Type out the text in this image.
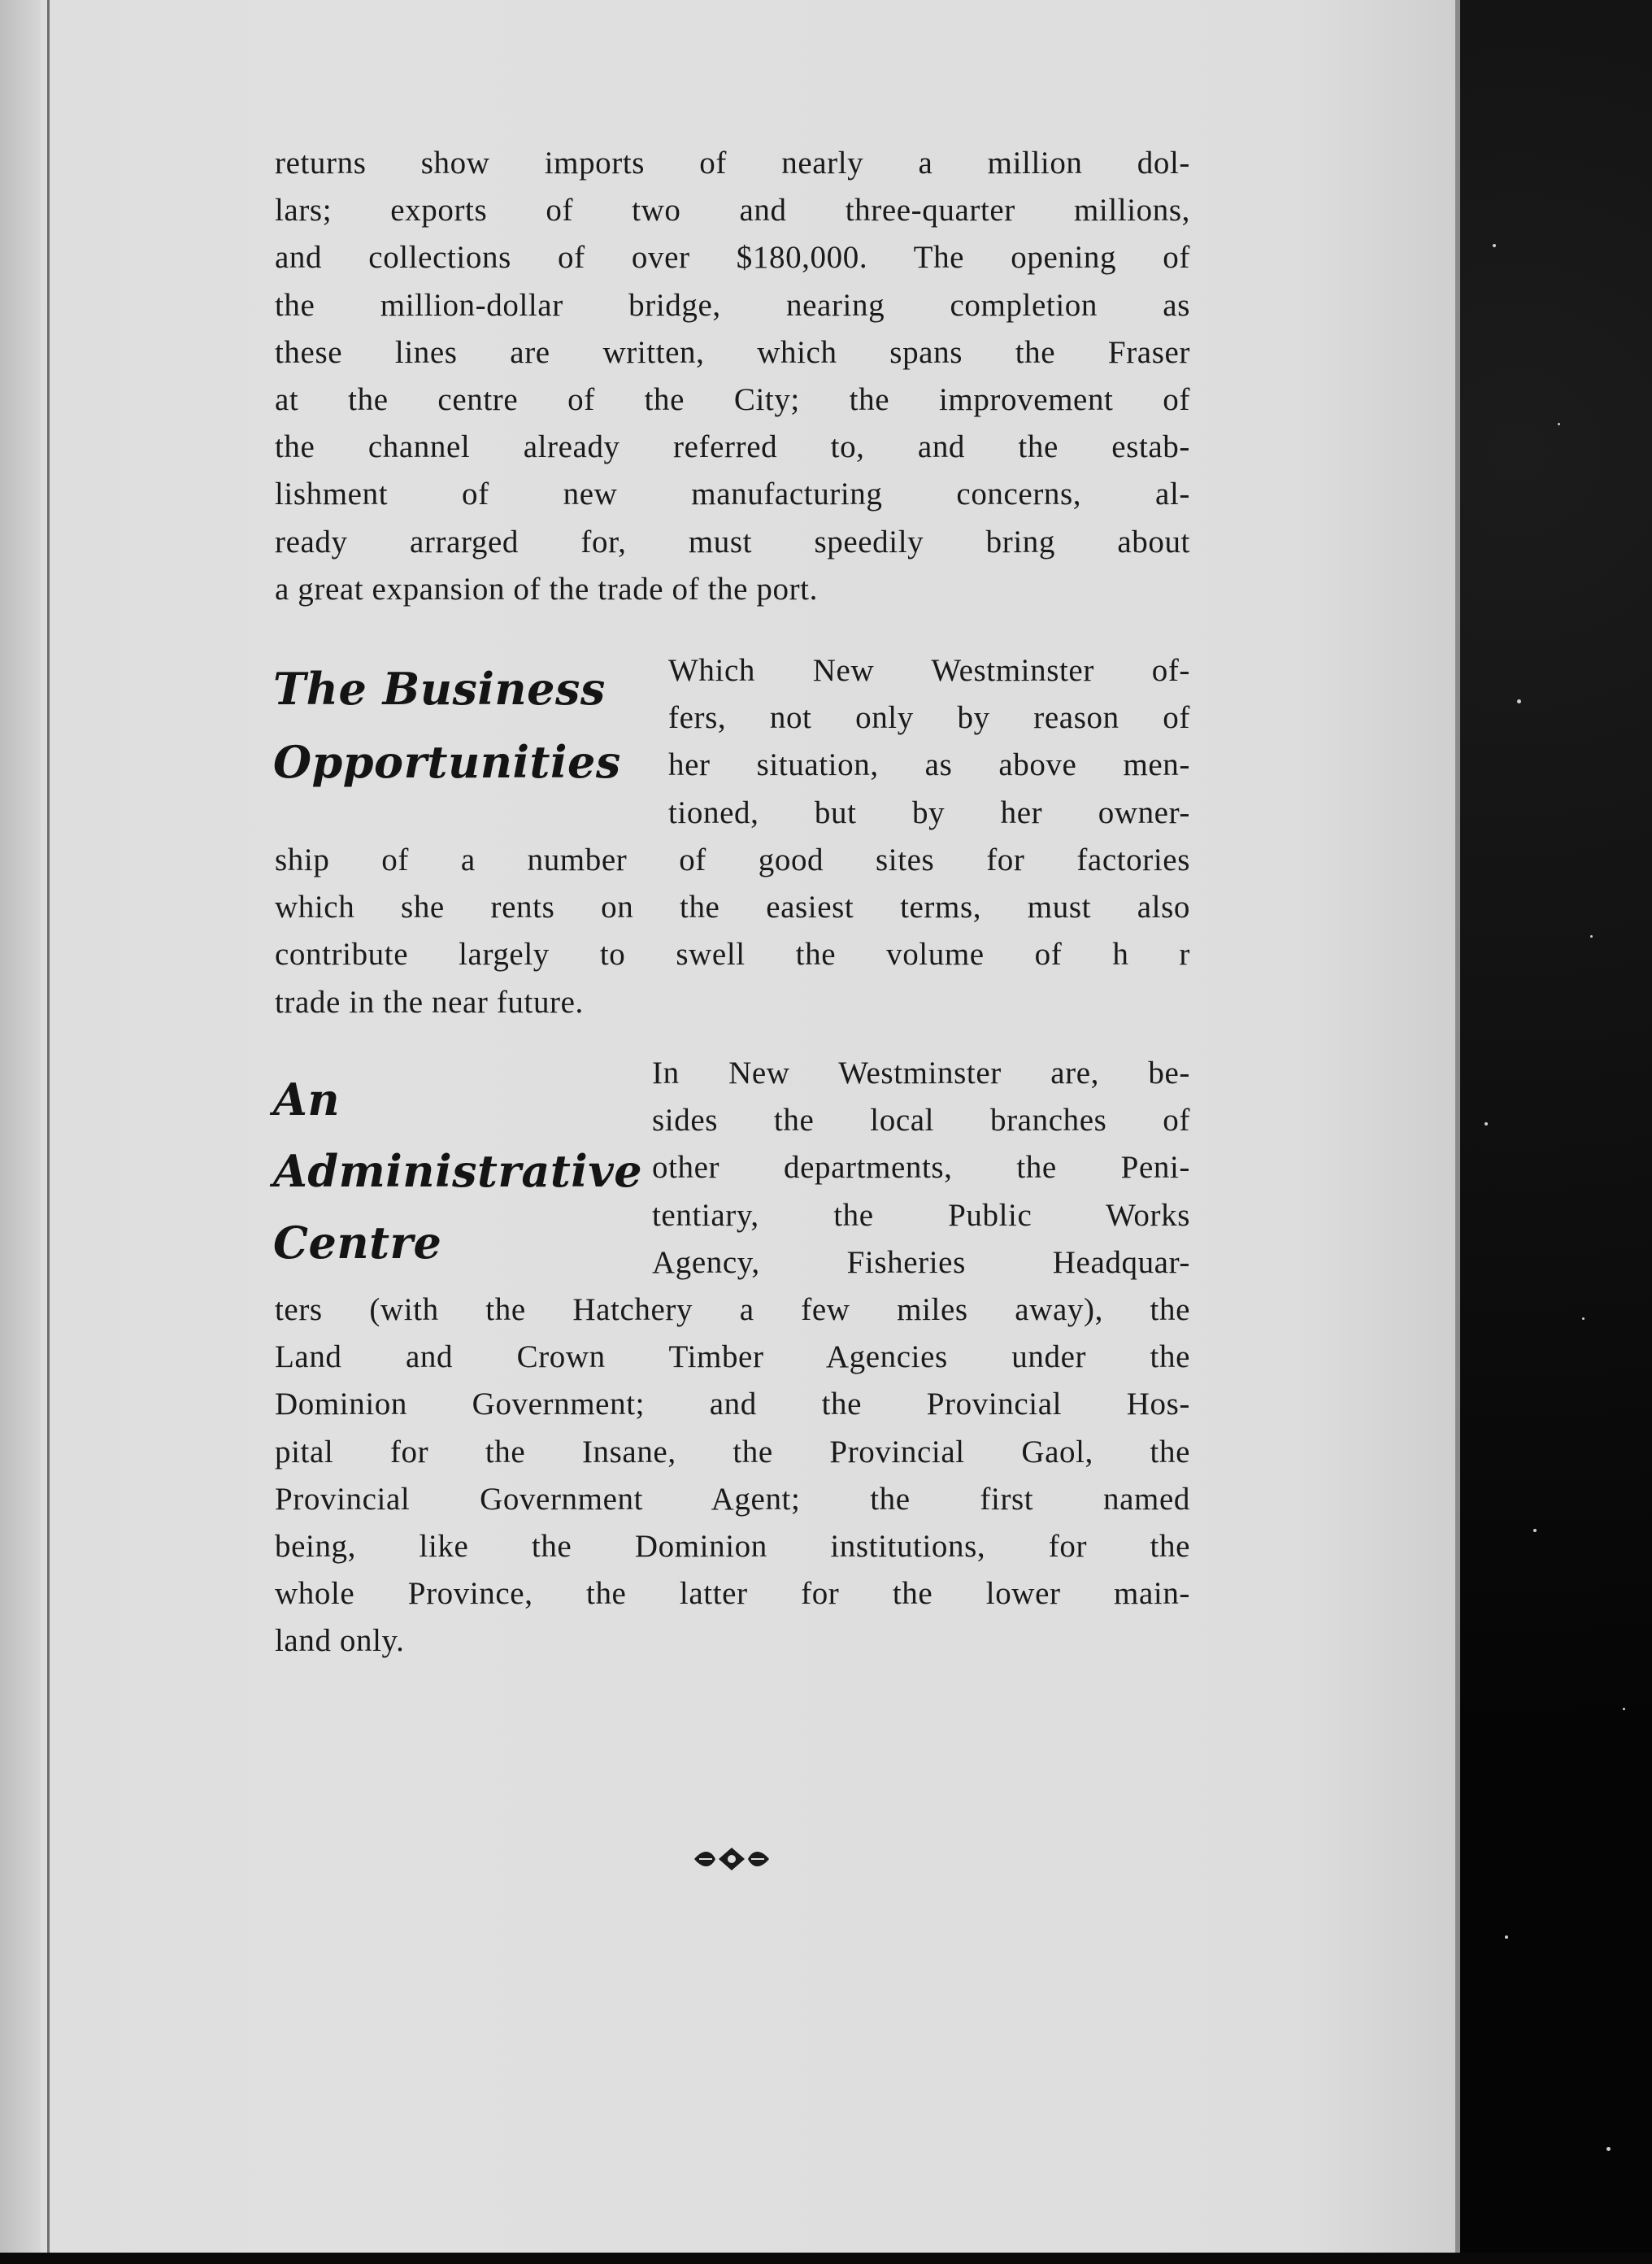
returns show imports of nearly a million dol-
lars; exports of two and three-quarter millions,
and collections of over $180,000. The opening of
the million-dollar bridge, nearing completion as
these lines are written, which spans the Fraser
at the centre of the City; the improvement of
the channel already referred to, and the estab-
lishment of new manufacturing concerns, al-
ready arrarged for, must speedily bring about
a great expansion of the trade of the port.
The Business
Opportunities
Which New Westminster of-
fers, not only by reason of
her situation, as above men-
tioned, but by her owner-
ship of a number of good sites for factories
which she rents on the easiest terms, must also
contribute largely to swell the volume of h r
trade in the near future.
An
Administrative
Centre
In New Westminster are, be-
sides the local branches of
other departments, the Peni-
tentiary, the Public Works
Agency, Fisheries Headquar-
ters (with the Hatchery a few miles away), the
Land and Crown Timber Agencies under the
Dominion Government; and the Provincial Hos-
pital for the Insane, the Provincial Gaol, the
Provincial Government Agent; the first named
being, like the Dominion institutions, for the
whole Province, the latter for the lower main-
land only.
